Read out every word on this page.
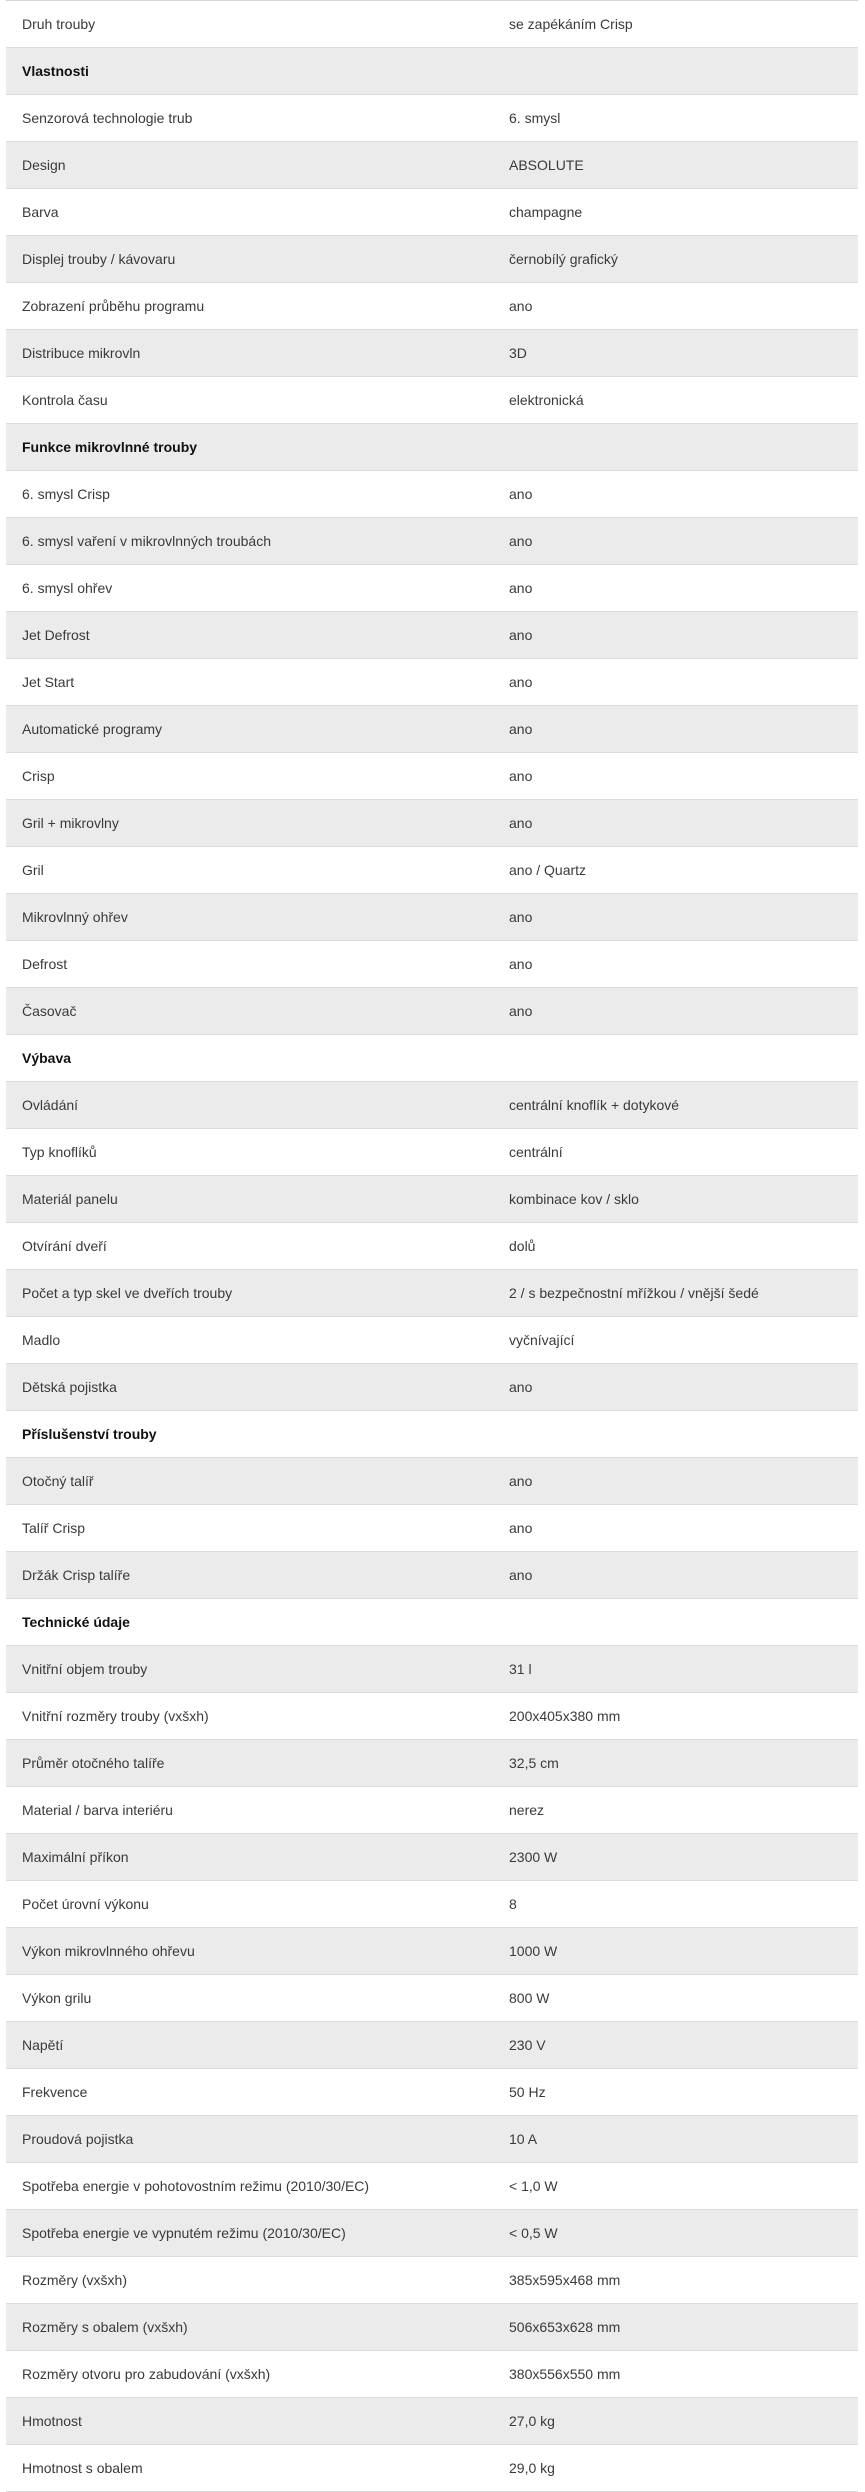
Druh trouby	se zapékáním Crisp
Vlastnosti
Senzorová technologie trub	6. smysl
Design	ABSOLUTE
Barva	champagne
Displej trouby / kávovaru	černobílý grafický
Zobrazení průběhu programu	ano
Distribuce mikrovln	3D
Kontrola času	elektronická
Funkce mikrovlnné trouby
6. smysl Crisp	ano
6. smysl vaření v mikrovlnných troubách	ano
6. smysl ohřev	ano
Jet Defrost	ano
Jet Start	ano
Automatické programy	ano
Crisp	ano
Gril + mikrovlny	ano
Gril	ano / Quartz
Mikrovlnný ohřev	ano
Defrost	ano
Časovač	ano
Výbava
Ovládání	centrální knoflík + dotykové
Typ knoflíků	centrální
Materiál panelu	kombinace kov / sklo
Otvírání dveří	dolů
Počet a typ skel ve dveřích trouby	2 / s bezpečnostní mřížkou / vnější šedé
Madlo	vyčnívající
Dětská pojistka	ano
Příslušenství trouby
Otočný talíř	ano
Talíř Crisp	ano
Držák Crisp talíře	ano
Technické údaje
Vnitřní objem trouby	31 l
Vnitřní rozměry trouby (vxšxh)	200x405x380 mm
Průměr otočného talíře	32,5 cm
Material / barva interiéru	nerez
Maximální příkon	2300 W
Počet úrovní výkonu	8
Výkon mikrovlnného ohřevu	1000 W
Výkon grilu	800 W
Napětí	230 V
Frekvence	50 Hz
Proudová pojistka	10 A
Spotřeba energie v pohotovostním režimu (2010/30/EC)	< 1,0 W
Spotřeba energie ve vypnutém režimu (2010/30/EC)	< 0,5 W
Rozměry (vxšxh)	385x595x468 mm
Rozměry s obalem (vxšxh)	506x653x628 mm
Rozměry otvoru pro zabudování (vxšxh)	380x556x550 mm
Hmotnost	27,0 kg
Hmotnost s obalem	29,0 kg
